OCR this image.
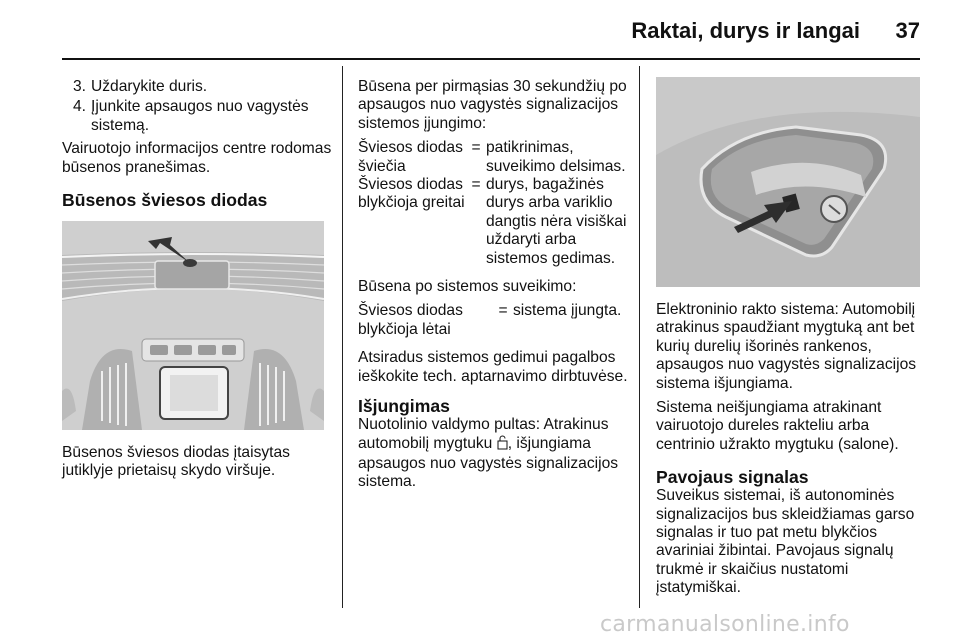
Raktai, durys ir langai	37
3. Uždarykite duris.
4. Įjunkite apsaugos nuo vagystės sistemą.

Vairuotojo informacijos centre rodomas būsenos pranešimas.

Būsenos šviesos diodas

Būsenos šviesos diodas įtaisytas jutiklyje prietaisų skydo viršuje.

Būsena per pirmąsias 30 sekundžių po apsaugos nuo vagystės signalizacijos sistemos įjungimo:

Šviesos diodas šviečia
= patikrinimas, suveikimo delsimas.
Šviesos diodas blykčioja greitai
= durys, bagažinės durys arba variklio dangtis nėra visiškai uždaryti arba sistemos gedimas.

Būsena po sistemos suveikimo:

Šviesos diodas blykčioja lėtai
= sistema įjungta.

Atsiradus sistemos gedimui pagalbos ieškokite tech. aptarnavimo dirbtuvėse.

Išjungimas

Nuotolinio valdymo pultas: Atrakinus automobilį mygtuku , išjungiama apsaugos nuo vagystės signalizacijos sistema.

Elektroninio rakto sistema: Automobilį atrakinus spaudžiant mygtuką ant bet kurių durelių išorinės rankenos, apsaugos nuo vagystės signalizacijos sistema išjungiama.

Sistema neišjungiama atrakinant vairuotojo dureles rakteliu arba centrinio užrakto mygtuku (salone).

Pavojaus signalas

Suveikus sistemai, iš autonominės signalizacijos bus skleidžiamas garso signalas ir tuo pat metu blykčios avariniai žibintai. Pavojaus signalų trukmė ir skaičius nustatomi įstatymiškai.

carmanualsonline.info
